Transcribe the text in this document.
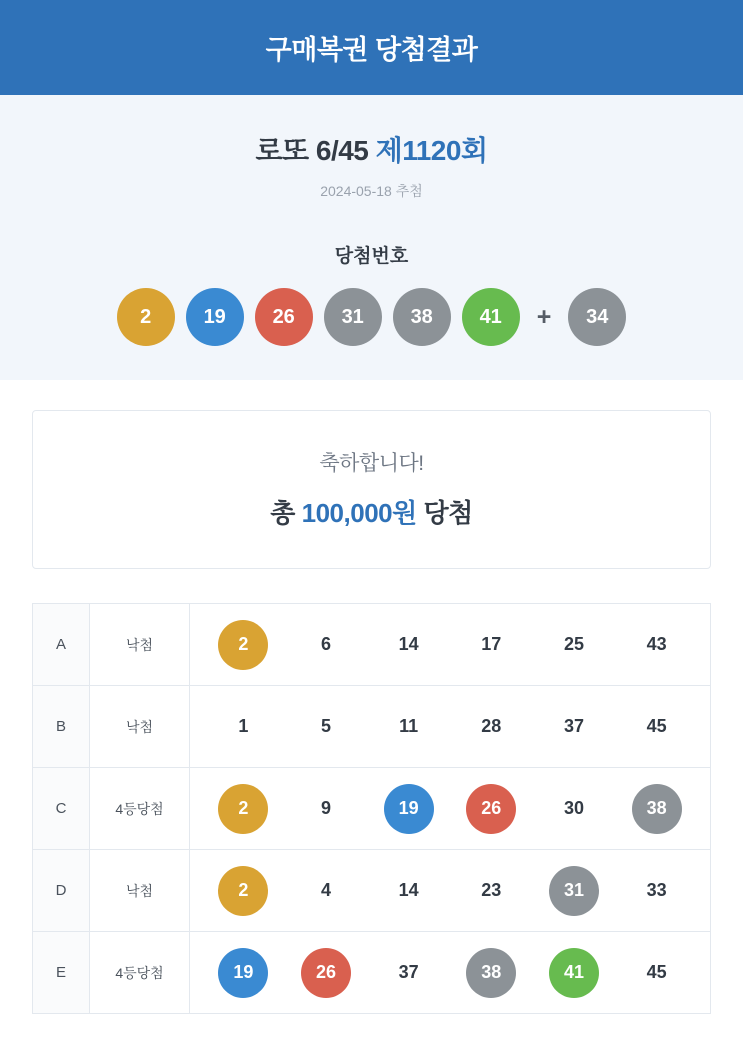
구매복권 당첨결과
로또 6/45 제1120회
2024-05-18 추첨
당첨번호
2	19	26	31	38	41	+	34
축하합니다!
총 100,000원 당첨
A	낙첨	2	6	14	17	25	43

B	낙첨	1	5	11	28	37	45

C	4등당첨	2	9	19	26	30	38

D	낙첨	2	4	14	23	31	33

E	4등당첨	19	26	37	38	41	45
